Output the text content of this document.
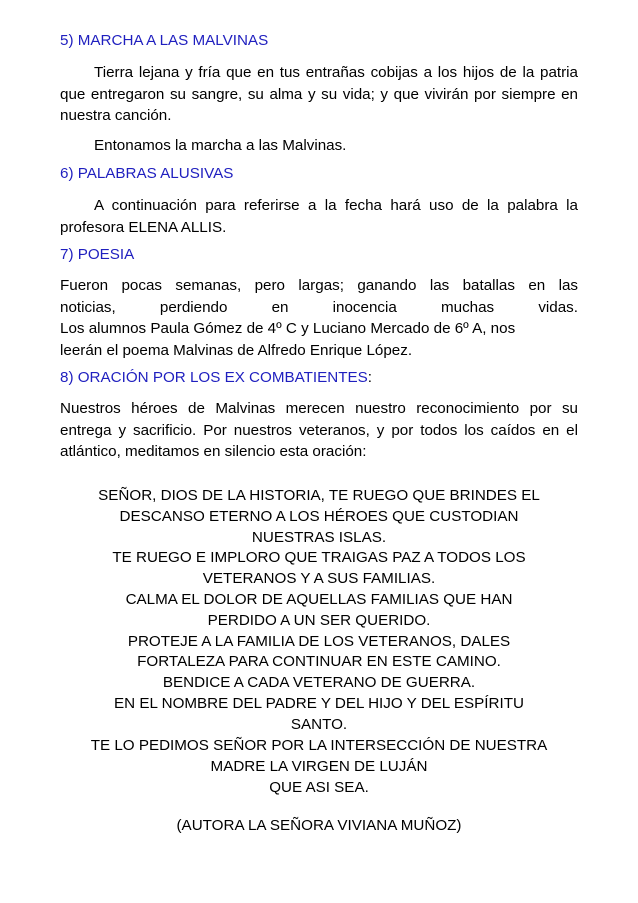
5) MARCHA A LAS MALVINAS
Tierra lejana y fría que en tus entrañas cobijas a los hijos de la patria que entregaron su sangre, su alma y su vida; y que vivirán por siempre en nuestra canción.
Entonamos la marcha a las Malvinas.
6) PALABRAS ALUSIVAS
A continuación para referirse a la fecha hará uso de la palabra la profesora ELENA ALLIS.
7) POESIA
Fueron pocas semanas, pero largas; ganando las batallas en las
noticias, perdiendo en inocencia muchas vidas.
Los alumnos Paula Gómez de 4º C y Luciano Mercado de 6º A, nos
leerán el poema Malvinas de Alfredo Enrique López.
8) ORACIÓN POR LOS EX COMBATIENTES:
Nuestros héroes de Malvinas merecen nuestro reconocimiento por su entrega y sacrificio. Por nuestros veteranos, y por todos los caídos en el atlántico, meditamos en silencio esta oración:
SEÑOR, DIOS DE LA HISTORIA, TE RUEGO QUE BRINDES EL
DESCANSO ETERNO A LOS HÉROES QUE CUSTODIAN
NUESTRAS ISLAS.
TE RUEGO E IMPLORO QUE TRAIGAS PAZ A TODOS LOS
VETERANOS Y A SUS FAMILIAS.
CALMA EL DOLOR DE AQUELLAS FAMILIAS QUE HAN
PERDIDO A UN SER QUERIDO.
PROTEJE A LA FAMILIA DE LOS VETERANOS, DALES
FORTALEZA PARA CONTINUAR EN ESTE CAMINO.
BENDICE A CADA VETERANO DE GUERRA.
EN EL NOMBRE DEL PADRE Y DEL HIJO Y DEL ESPÍRITU
SANTO.
TE LO PEDIMOS SEÑOR POR LA INTERSECCIÓN DE NUESTRA
MADRE LA VIRGEN DE LUJÁN
QUE ASI SEA.
(AUTORA LA SEÑORA VIVIANA MUÑOZ)
